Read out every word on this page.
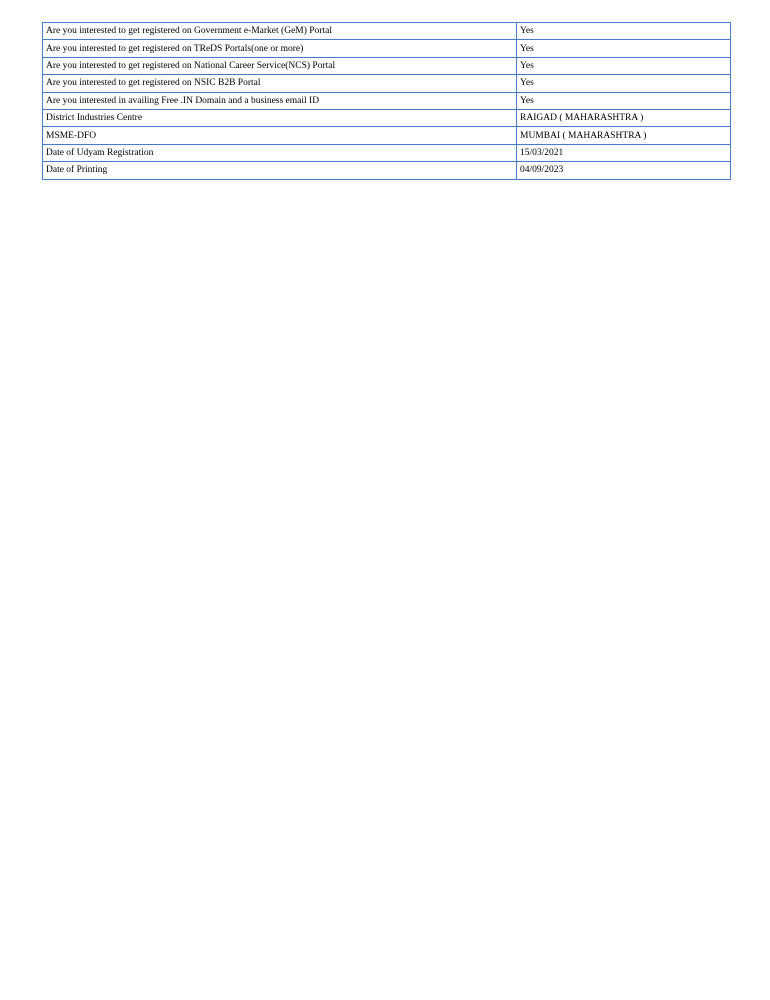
Are you interested to get registered on Government e-Market (GeM) Portal	Yes
Are you interested to get registered on TReDS Portals(one or more)	Yes
Are you interested to get registered on National Career Service(NCS) Portal	Yes
Are you interested to get registered on NSIC B2B Portal	Yes
Are you interested in availing Free .IN Domain and a business email ID	Yes
District Industries Centre	RAIGAD ( MAHARASHTRA )
MSME-DFO	MUMBAI ( MAHARASHTRA )
Date of Udyam Registration	15/03/2021
Date of Printing	04/09/2023
